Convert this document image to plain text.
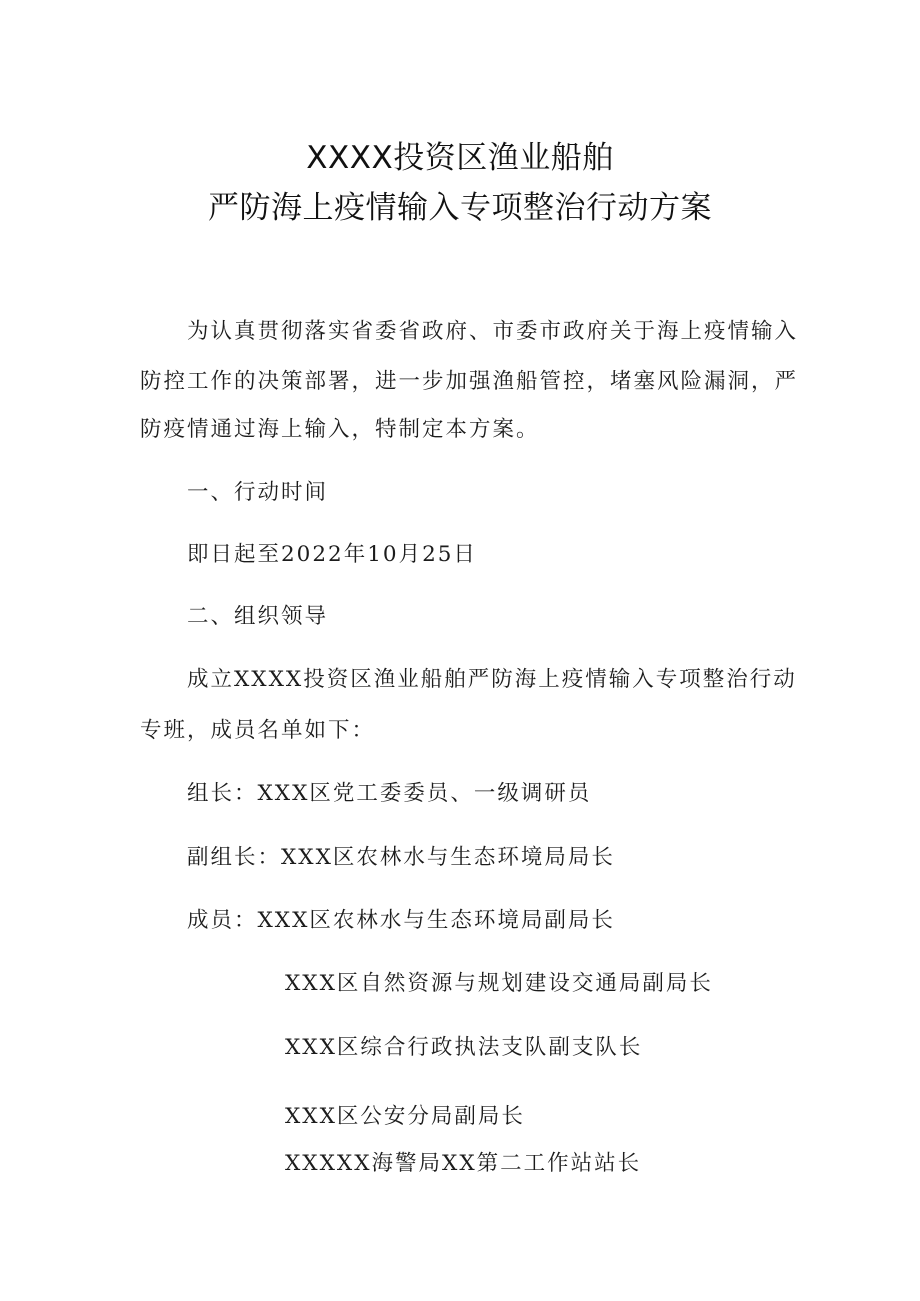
XXXX投资区渔业船舶
严防海上疫情输入专项整治行动方案
为认真贯彻落实省委省政府、市委市政府关于海上疫情输入
防控工作的决策部署，进一步加强渔船管控，堵塞风险漏洞，严
防疫情通过海上输入，特制定本方案。
一、行动时间
即日起至2022年10月25日
二、组织领导
成立XXXX投资区渔业船舶严防海上疫情输入专项整治行动
专班，成员名单如下：
组长：XXX区党工委委员、一级调研员
副组长：XXX区农林水与生态环境局局长
成员：XXX区农林水与生态环境局副局长
XXX区自然资源与规划建设交通局副局长
XXX区综合行政执法支队副支队长
XXX区公安分局副局长
XXXXX海警局XX第二工作站站长
